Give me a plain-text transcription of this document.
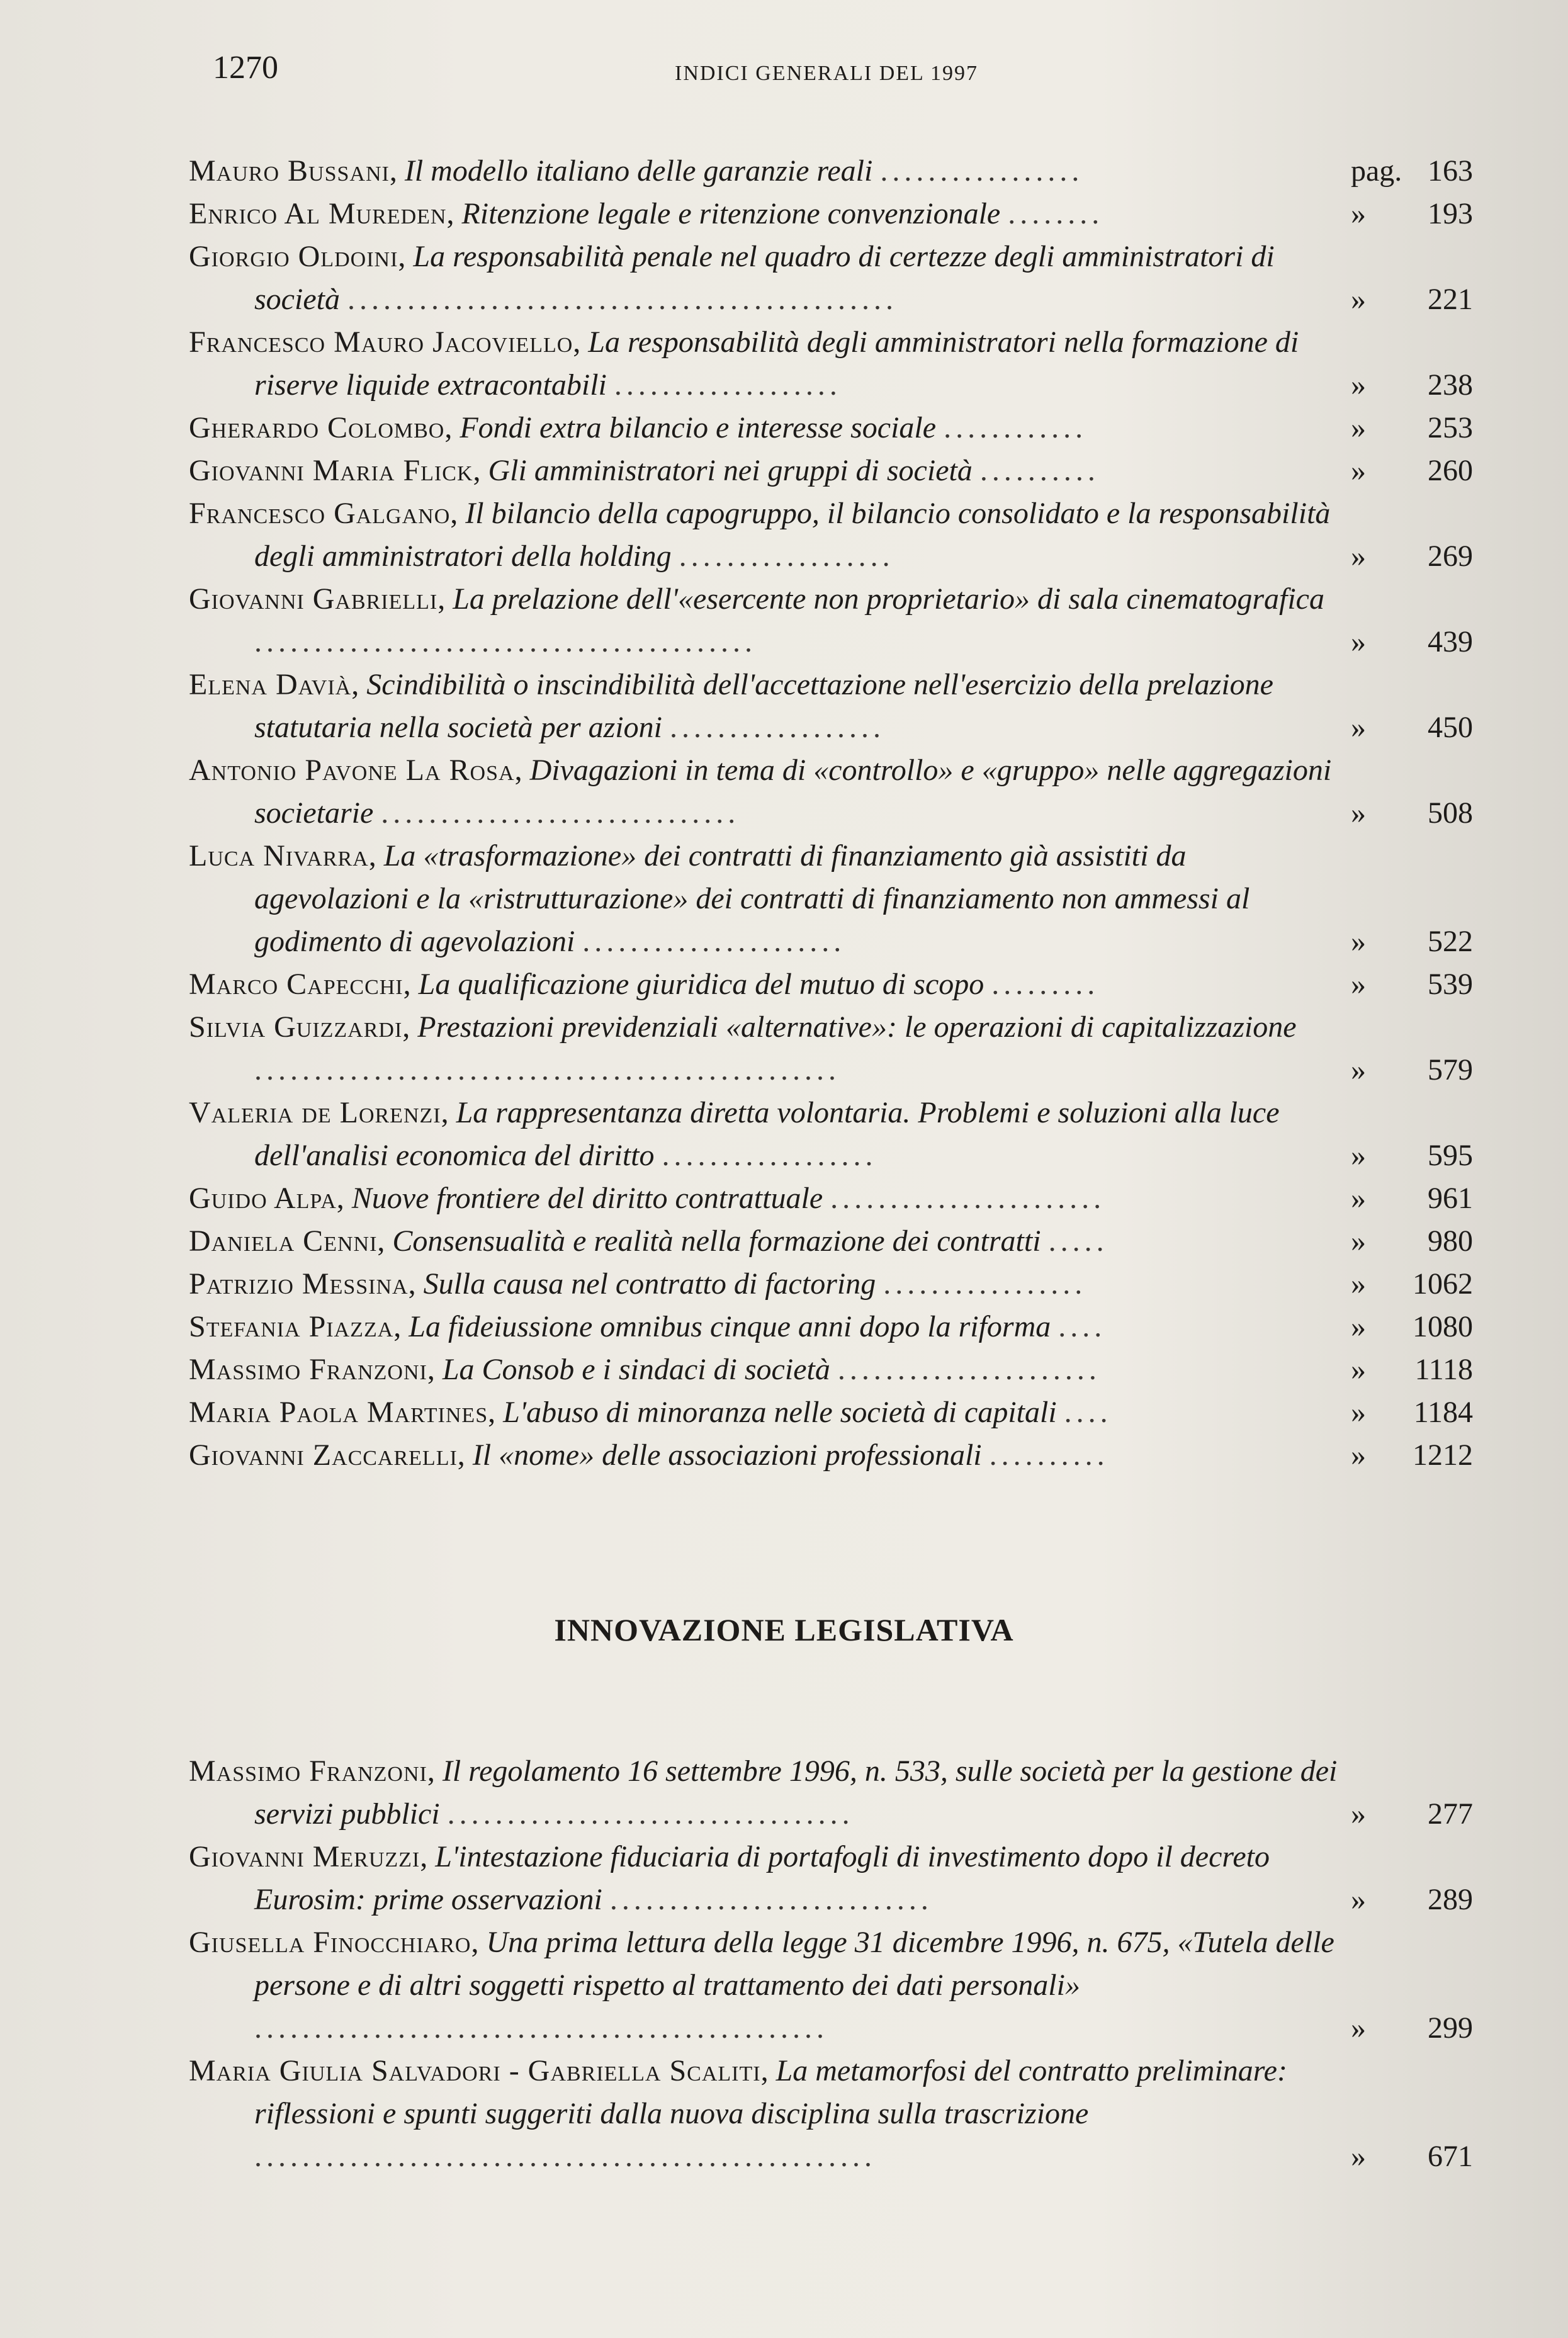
1270	INDICI GENERALI DEL 1997
Mauro Bussani, Il modello italiano delle garanzie reali .................	pag. 163
Enrico Al Mureden, Ritenzione legale e ritenzione convenzionale ........	»	193
Giorgio Oldoini, La responsabilità penale nel quadro di certezze degli amministratori di società ..............................................	»	221
Francesco Mauro Jacoviello, La responsabilità degli amministratori nella formazione di riserve liquide extracontabili ...................	»	238
Gherardo Colombo, Fondi extra bilancio e interesse sociale ............	»	253
Giovanni Maria Flick, Gli amministratori nei gruppi di società ..........	»	260
Francesco Galgano, Il bilancio della capogruppo, il bilancio consolidato e la responsabilità degli amministratori della holding ..................	»	269
Giovanni Gabrielli, La prelazione dell'«esercente non proprietario» di sala cinematografica ..........................................	»	439
Elena Davià, Scindibilità o inscindibilità dell'accettazione nell'esercizio della prelazione statutaria nella società per azioni ..................	»	450
Antonio Pavone La Rosa, Divagazioni in tema di «controllo» e «gruppo» nelle aggregazioni societarie ..............................	»	508
Luca Nivarra, La «trasformazione» dei contratti di finanziamento già assistiti da agevolazioni e la «ristrutturazione» dei contratti di finanziamento non ammessi al godimento di agevolazioni ......................	»	522
Marco Capecchi, La qualificazione giuridica del mutuo di scopo .........	»	539
Silvia Guizzardi, Prestazioni previdenziali «alternative»: le operazioni di capitalizzazione .................................................	»	579
Valeria de Lorenzi, La rappresentanza diretta volontaria. Problemi e soluzioni alla luce dell'analisi economica del diritto ..................	»	595
Guido Alpa, Nuove frontiere del diritto contrattuale .......................	»	961
Daniela Cenni, Consensualità e realità nella formazione dei contratti .....	»	980
Patrizio Messina, Sulla causa nel contratto di factoring .................	»	1062
Stefania Piazza, La fideiussione omnibus cinque anni dopo la riforma ....	»	1080
Massimo Franzoni, La Consob e i sindaci di società ......................	»	1118
Maria Paola Martines, L'abuso di minoranza nelle società di capitali ....	»	1184
Giovanni Zaccarelli, Il «nome» delle associazioni professionali ..........	»	1212
INNOVAZIONE LEGISLATIVA
Massimo Franzoni, Il regolamento 16 settembre 1996, n. 533, sulle società per la gestione dei servizi pubblici ..................................	»	277
Giovanni Meruzzi, L'intestazione fiduciaria di portafogli di investimento dopo il decreto Eurosim: prime osservazioni ...........................	»	289
Giusella Finocchiaro, Una prima lettura della legge 31 dicembre 1996, n. 675, «Tutela delle persone e di altri soggetti rispetto al trattamento dei dati personali» ................................................	»	299
Maria Giulia Salvadori - Gabriella Scaliti, La metamorfosi del contratto preliminare: riflessioni e spunti suggeriti dalla nuova disciplina sulla trascrizione ....................................................	»	671
